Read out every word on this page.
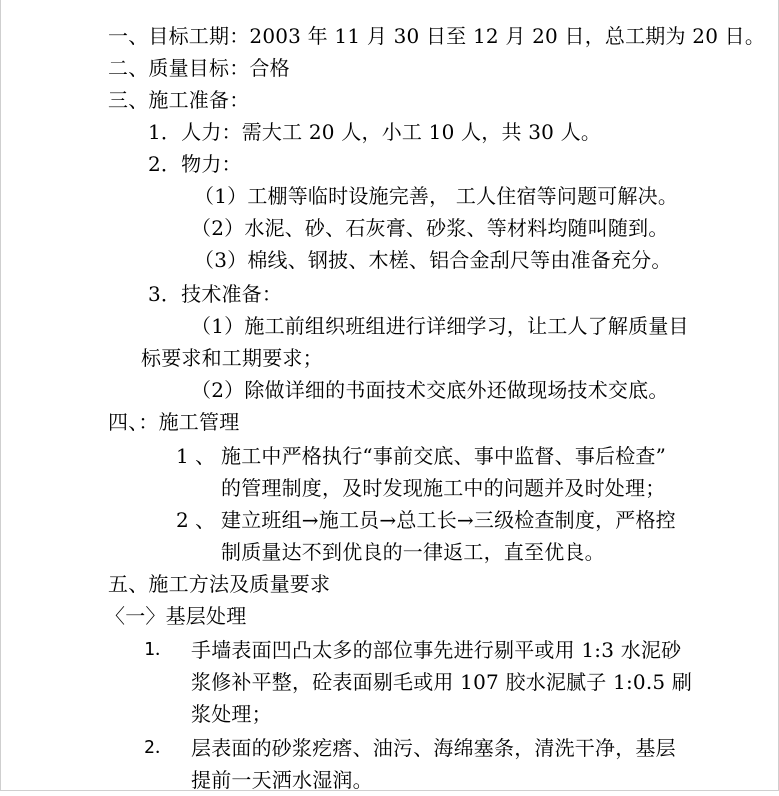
一、目标工期：2003 年 11 月 30 日至 12 月 20 日，总工期为 20 日。
二、质量目标：合格
三、施工准备：
1．人力：需大工 20 人，小工 10 人，共 30 人。
2．物力：
（1）工棚等临时设施完善， 工人住宿等问题可解决。
（2）水泥、砂、石灰膏、砂浆、等材料均随叫随到。
（3）棉线、钢披、木槎、铝合金刮尺等由准备充分。
3．技术准备：
（1）施工前组织班组进行详细学习，让工人了解质量目
标要求和工期要求；
（2）除做详细的书面技术交底外还做现场技术交底。
四、：施工管理
1 、 施工中严格执行“事前交底、事中监督、事后检查”
的管理制度，及时发现施工中的问题并及时处理；
2 、 建立班组→施工员→总工长→三级检查制度，严格控
制质量达不到优良的一律返工，直至优良。
五、施工方法及质量要求
〈一〉基层处理
1． 手墙表面凹凸太多的部位事先进行剔平或用 1:3 水泥砂
浆修补平整，砼表面剔毛或用 107 胶水泥腻子 1:0.5 刷
浆处理；
2． 层表面的砂浆疙瘩、油污、海绵塞条，清洗干净，基层
提前一天洒水湿润。
